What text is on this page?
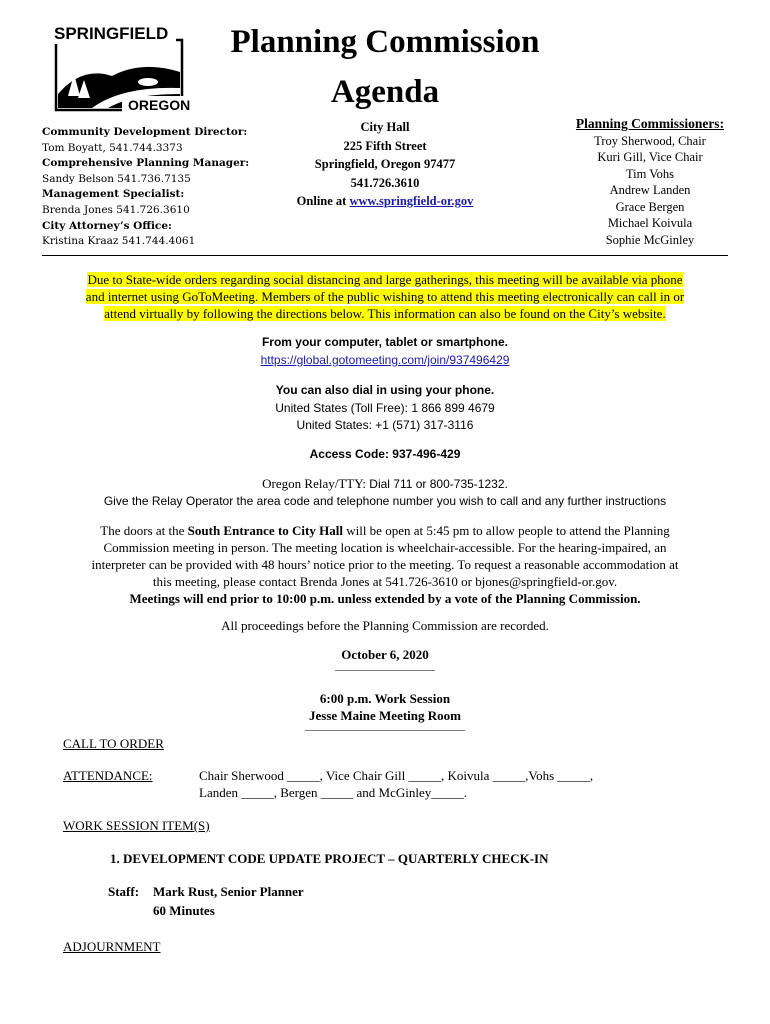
SPRINGFIELD
OREGON
Planning Commission
Agenda
Community Development Director:
Tom Boyatt, 541.744.3373
Comprehensive Planning Manager:
Sandy Belson 541.736.7135
Management Specialist:
Brenda Jones 541.726.3610
City Attorney’s Office:
Kristina Kraaz 541.744.4061
City Hall
225 Fifth Street
Springfield, Oregon 97477
541.726.3610
Online at www.springfield-or.gov
Planning Commissioners:
Troy Sherwood, Chair
Kuri Gill, Vice Chair
Tim Vohs
Andrew Landen
Grace Bergen
Michael Koivula
Sophie McGinley
Due to State-wide orders regarding social distancing and large gatherings, this meeting will be available via phone
and internet using GoToMeeting. Members of the public wishing to attend this meeting electronically can call in or
attend virtually by following the directions below. This information can also be found on the City’s website.
From your computer, tablet or smartphone.
https://global.gotomeeting.com/join/937496429
You can also dial in using your phone.
United States (Toll Free): 1 866 899 4679
United States: +1 (571) 317-3116
Access Code: 937-496-429
Oregon Relay/TTY: Dial 711 or 800-735-1232.
Give the Relay Operator the area code and telephone number you wish to call and any further instructions
The doors at the South Entrance to City Hall will be open at 5:45 pm to allow people to attend the Planning
Commission meeting in person. The meeting location is wheelchair-accessible. For the hearing-impaired, an
interpreter can be provided with 48 hours’ notice prior to the meeting. To request a reasonable accommodation at
this meeting, please contact Brenda Jones at 541.726-3610 or bjones@springfield-or.gov.
Meetings will end prior to 10:00 p.m. unless extended by a vote of the Planning Commission.
All proceedings before the Planning Commission are recorded.
October 6, 2020
——————————
6:00 p.m. Work Session
Jesse Maine Meeting Room
————————————————
CALL TO ORDER
ATTENDANCE:	Chair Sherwood _____, Vice Chair Gill _____, Koivula _____,Vohs _____,
Landen _____, Bergen _____ and McGinley_____.
WORK SESSION ITEM(S)
1. DEVELOPMENT CODE UPDATE PROJECT – QUARTERLY CHECK-IN
Staff: Mark Rust, Senior Planner
60 Minutes
ADJOURNMENT
